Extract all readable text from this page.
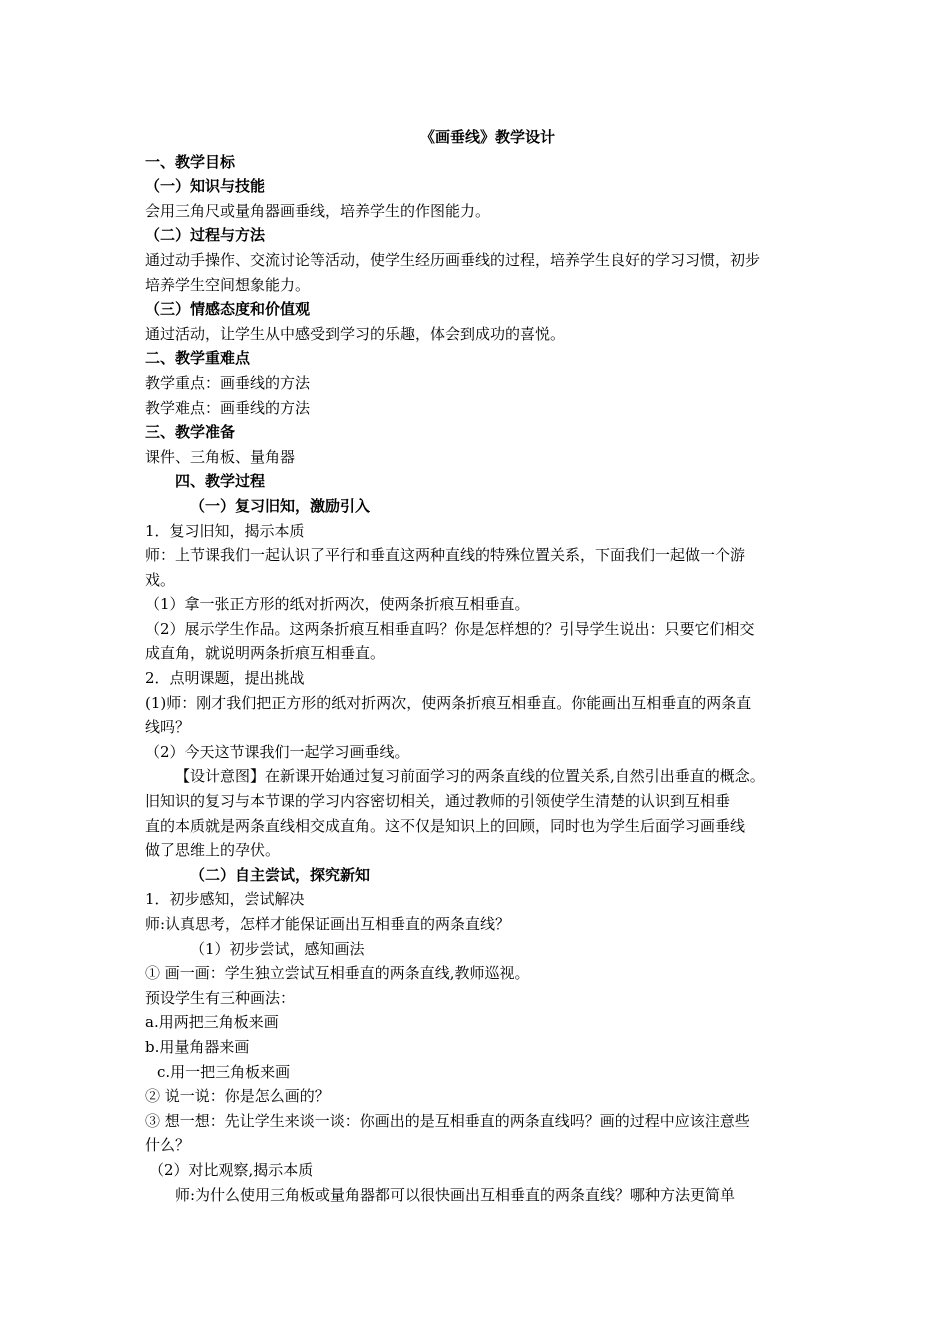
《画垂线》教学设计
一、教学目标
（一）知识与技能
会用三角尺或量角器画垂线，培养学生的作图能力。
（二）过程与方法
通过动手操作、交流讨论等活动，使学生经历画垂线的过程，培养学生良好的学习习惯，初步
培养学生空间想象能力。
（三）情感态度和价值观
通过活动，让学生从中感受到学习的乐趣，体会到成功的喜悦。
二、教学重难点
教学重点：画垂线的方法
教学难点：画垂线的方法
三、教学准备
课件、三角板、量角器
四、教学过程
（一）复习旧知，激励引入
1．复习旧知，揭示本质
师：上节课我们一起认识了平行和垂直这两种直线的特殊位置关系，下面我们一起做一个游
戏。
（1）拿一张正方形的纸对折两次，使两条折痕互相垂直。
（2）展示学生作品。这两条折痕互相垂直吗？你是怎样想的？引导学生说出：只要它们相交
成直角，就说明两条折痕互相垂直。
2．点明课题，提出挑战
(1)师：刚才我们把正方形的纸对折两次，使两条折痕互相垂直。你能画出互相垂直的两条直
线吗？
（2）今天这节课我们一起学习画垂线。
【设计意图】在新课开始通过复习前面学习的两条直线的位置关系,自然引出垂直的概念。
旧知识的复习与本节课的学习内容密切相关，通过教师的引领使学生清楚的认识到互相垂
直的本质就是两条直线相交成直角。这不仅是知识上的回顾，同时也为学生后面学习画垂线
做了思维上的孕伏。
（二）自主尝试，探究新知
1．初步感知，尝试解决
师:认真思考，怎样才能保证画出互相垂直的两条直线？
（1）初步尝试，感知画法
① 画一画：学生独立尝试互相垂直的两条直线,教师巡视。
预设学生有三种画法：
a.用两把三角板来画
b.用量角器来画
c.用一把三角板来画
② 说一说：你是怎么画的？
③ 想一想：先让学生来谈一谈：你画出的是互相垂直的两条直线吗？画的过程中应该注意些
什么？
（2）对比观察,揭示本质
师:为什么使用三角板或量角器都可以很快画出互相垂直的两条直线？哪种方法更简单
